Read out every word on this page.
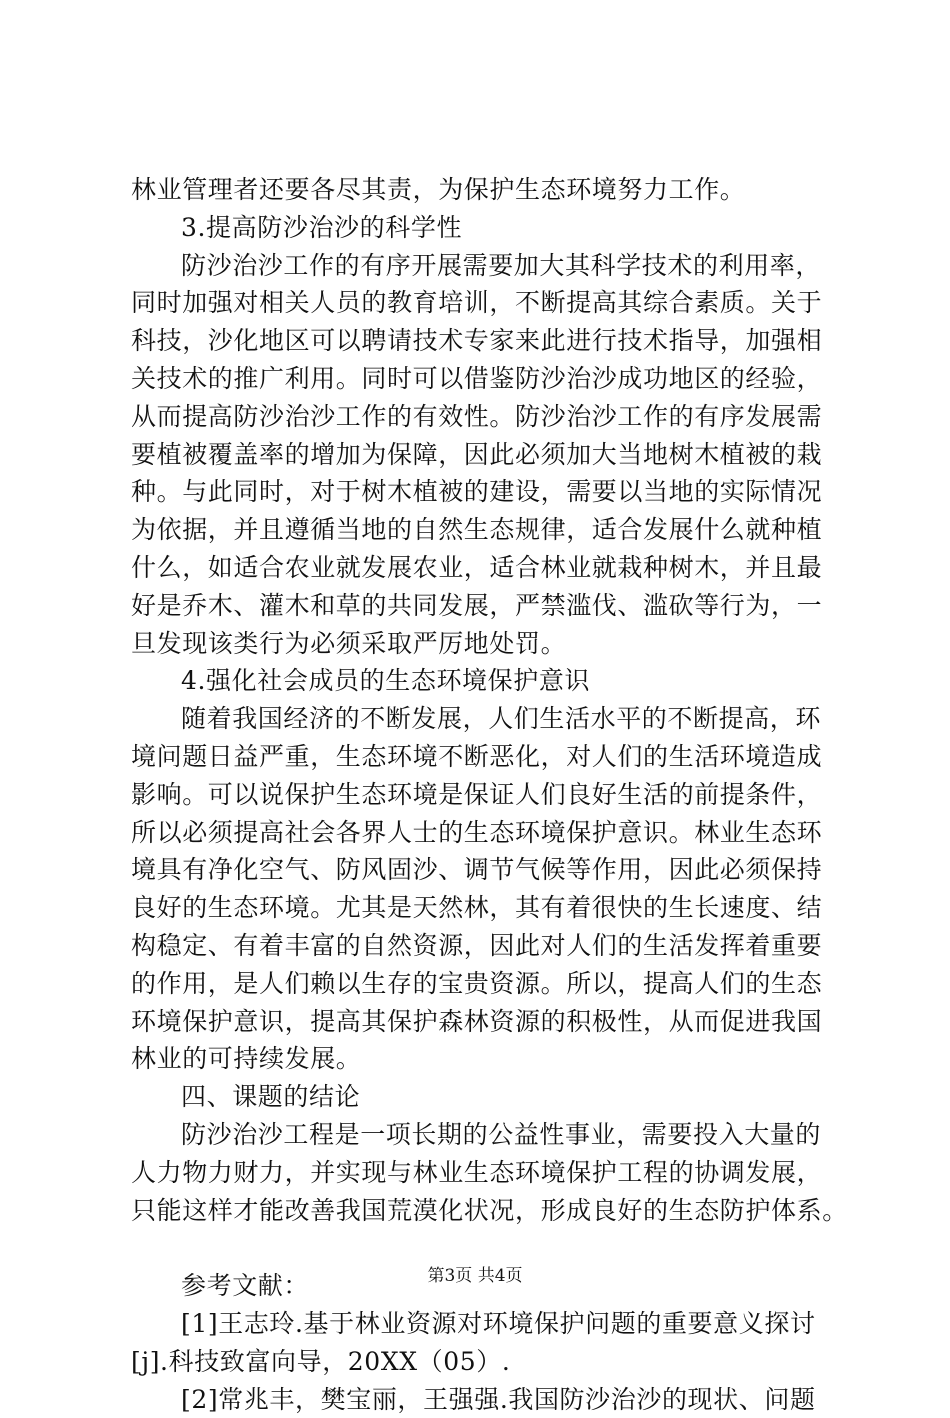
林业管理者还要各尽其责，为保护生态环境努力工作。
3.提高防沙治沙的科学性
防沙治沙工作的有序开展需要加大其科学技术的利用率，
同时加强对相关人员的教育培训，不断提高其综合素质。关于
科技，沙化地区可以聘请技术专家来此进行技术指导，加强相
关技术的推广利用。同时可以借鉴防沙治沙成功地区的经验，
从而提高防沙治沙工作的有效性。防沙治沙工作的有序发展需
要植被覆盖率的增加为保障，因此必须加大当地树木植被的栽
种。与此同时，对于树木植被的建设，需要以当地的实际情况
为依据，并且遵循当地的自然生态规律，适合发展什么就种植
什么，如适合农业就发展农业，适合林业就栽种树木，并且最
好是乔木、灌木和草的共同发展，严禁滥伐、滥砍等行为，一
旦发现该类行为必须采取严厉地处罚。
4.强化社会成员的生态环境保护意识
随着我国经济的不断发展，人们生活水平的不断提高，环
境问题日益严重，生态环境不断恶化，对人们的生活环境造成
影响。可以说保护生态环境是保证人们良好生活的前提条件，
所以必须提高社会各界人士的生态环境保护意识。林业生态环
境具有净化空气、防风固沙、调节气候等作用，因此必须保持
良好的生态环境。尤其是天然林，其有着很快的生长速度、结
构稳定、有着丰富的自然资源，因此对人们的生活发挥着重要
的作用，是人们赖以生存的宝贵资源。所以，提高人们的生态
环境保护意识，提高其保护森林资源的积极性，从而促进我国
林业的可持续发展。
四、课题的结论
防沙治沙工程是一项长期的公益性事业，需要投入大量的
人力物力财力，并实现与林业生态环境保护工程的协调发展，
只能这样才能改善我国荒漠化状况，形成良好的生态防护体系。
参考文献：
[1]王志玲.基于林业资源对环境保护问题的重要意义探讨
[j].科技致富向导，20XX（05）.
[2]常兆丰，樊宝丽，王强强.我国防沙治沙的现状、问题
第3页 共4页
